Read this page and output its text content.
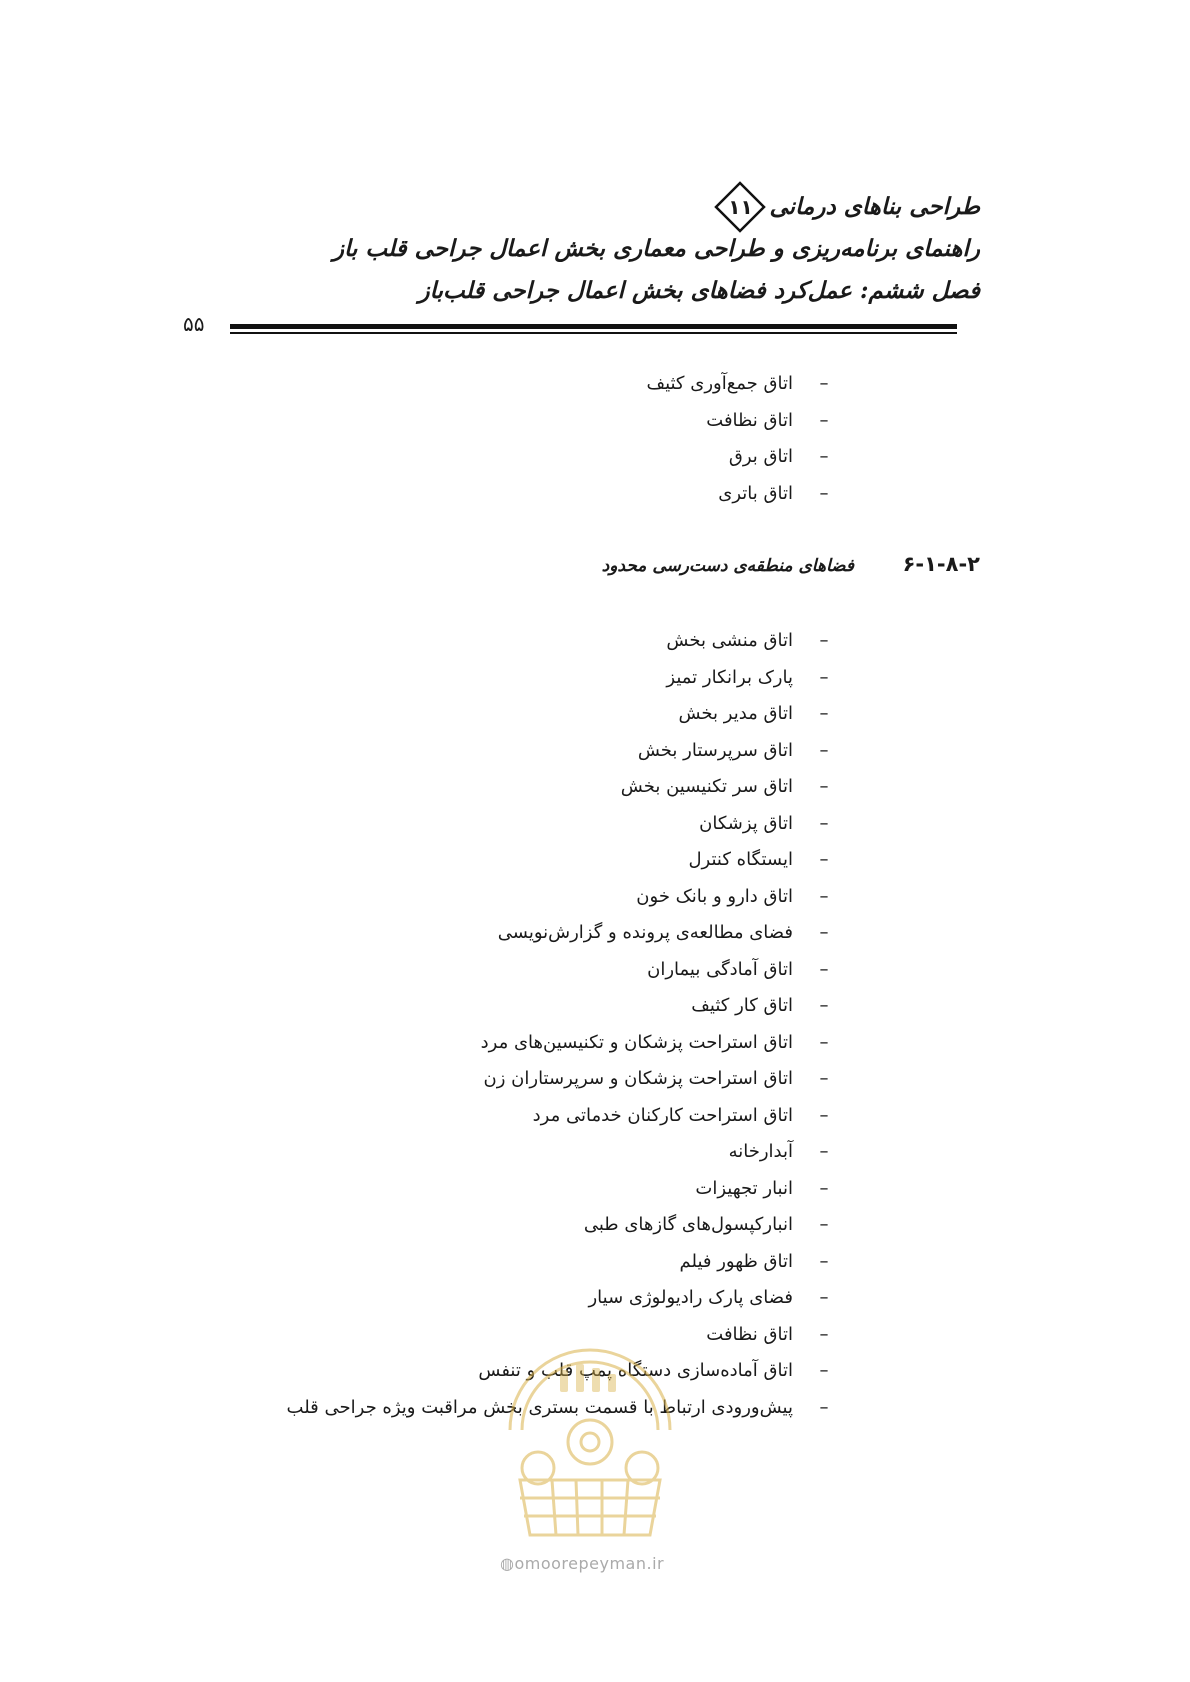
طراحی بناهای درمانی
۱۱
راهنمای برنامه‌ریزی و طراحی معماری بخش اعمال جراحی قلب باز
فصل ششم: عمل‌کرد فضاهای بخش اعمال جراحی قلب‌باز
۵۵
–اتاق جمع‌آوری کثیف
–اتاق نظافت
–اتاق برق
–اتاق باتری
۶-۱-۸-۲
فضاهای منطقه‌ی دست‌رسی محدود
–اتاق منشی بخش
–پارک برانکار تمیز
–اتاق مدیر بخش
–اتاق سرپرستار بخش
–اتاق سر تکنیسین بخش
–اتاق پزشکان
–ایستگاه کنترل
–اتاق دارو و بانک خون
–فضای مطالعه‌ی پرونده و گزارش‌نویسی
–اتاق آمادگی بیماران
–اتاق کار کثیف
–اتاق استراحت پزشکان و تکنیسین‌های مرد
–اتاق استراحت پزشکان و سرپرستاران زن
–اتاق استراحت کارکنان خدماتی مرد
–آبدارخانه
–انبار تجهیزات
–انبارکپسول‌های گازهای طبی
–اتاق ظهور فیلم
–فضای پارک رادیولوژی سیار
–اتاق نظافت
–اتاق آماده‌سازی دستگاه پمپ قلب و تنفس
–پیش‌ورودی ارتباط با قسمت بستری بخش مراقبت ویژه جراحی قلب
◍omoorepeyman.ir
